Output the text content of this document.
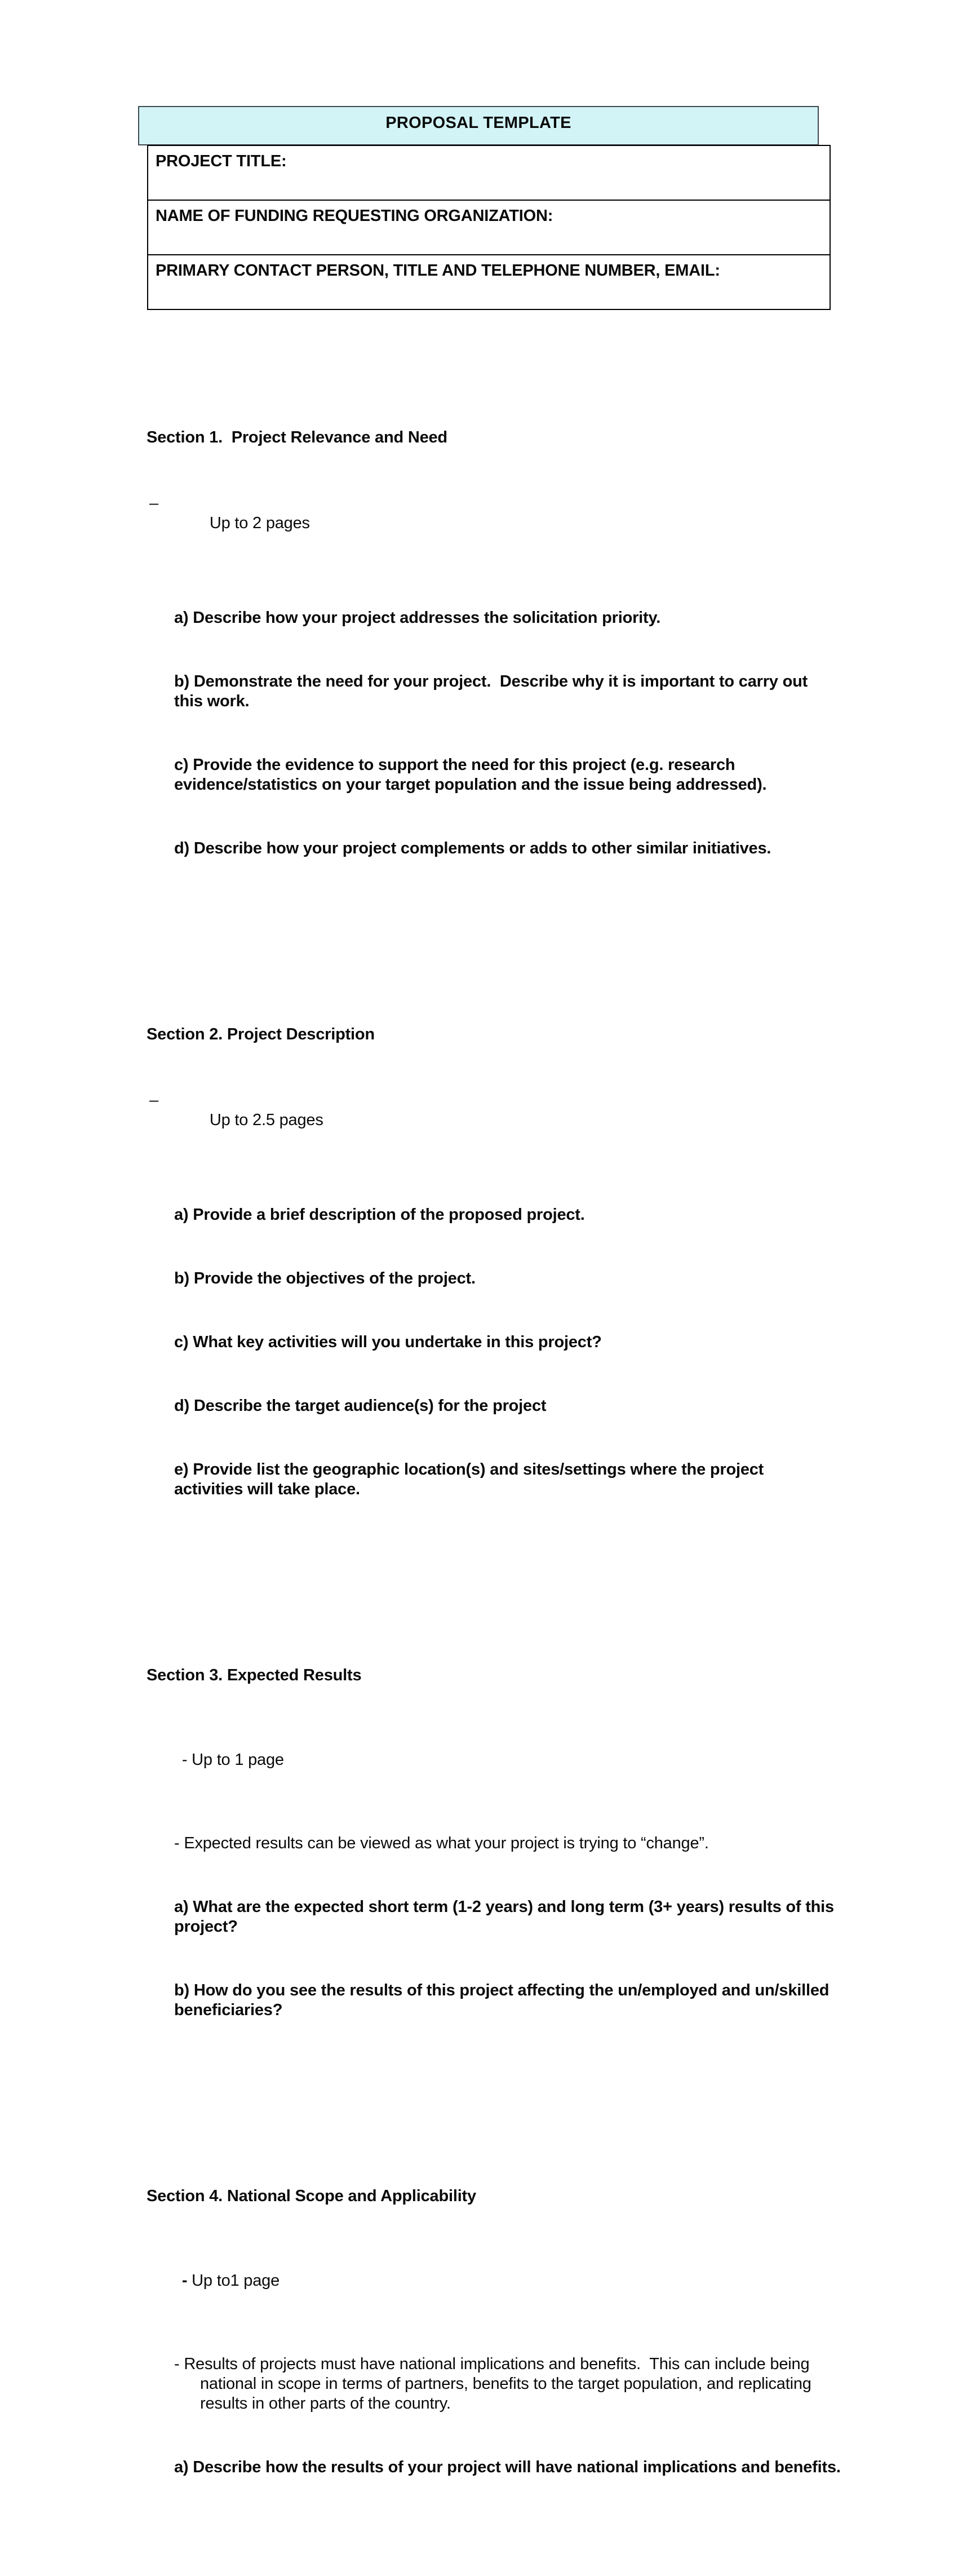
PROPOSAL TEMPLATE
PROJECT TITLE:
NAME OF FUNDING REQUESTING ORGANIZATION:
PRIMARY CONTACT PERSON, TITLE AND TELEPHONE NUMBER, EMAIL:

Section 1.  Project Relevance and Need

–
Up to 2 pages

a) Describe how your project addresses the solicitation priority.

b) Demonstrate the need for your project.  Describe why it is important to carry out this work.

c) Provide the evidence to support the need for this project (e.g. research evidence/statistics on your target population and the issue being addressed).

d) Describe how your project complements or adds to other similar initiatives.

Section 2. Project Description

–
Up to 2.5 pages

a) Provide a brief description of the proposed project.

b) Provide the objectives of the project.

c) What key activities will you undertake in this project?

d) Describe the target audience(s) for the project

e) Provide list the geographic location(s) and sites/settings where the project activities will take place.

Section 3. Expected Results

- Up to 1 page

- Expected results can be viewed as what your project is trying to “change”.

a) What are the expected short term (1-2 years) and long term (3+ years) results of this project?

b) How do you see the results of this project affecting the un/employed and un/skilled beneficiaries?

Section 4. National Scope and Applicability

- Up to1 page

- Results of projects must have national implications and benefits.  This can include being national in scope in terms of partners, benefits to the target population, and replicating results in other parts of the country.

a) Describe how the results of your project will have national implications and benefits.
